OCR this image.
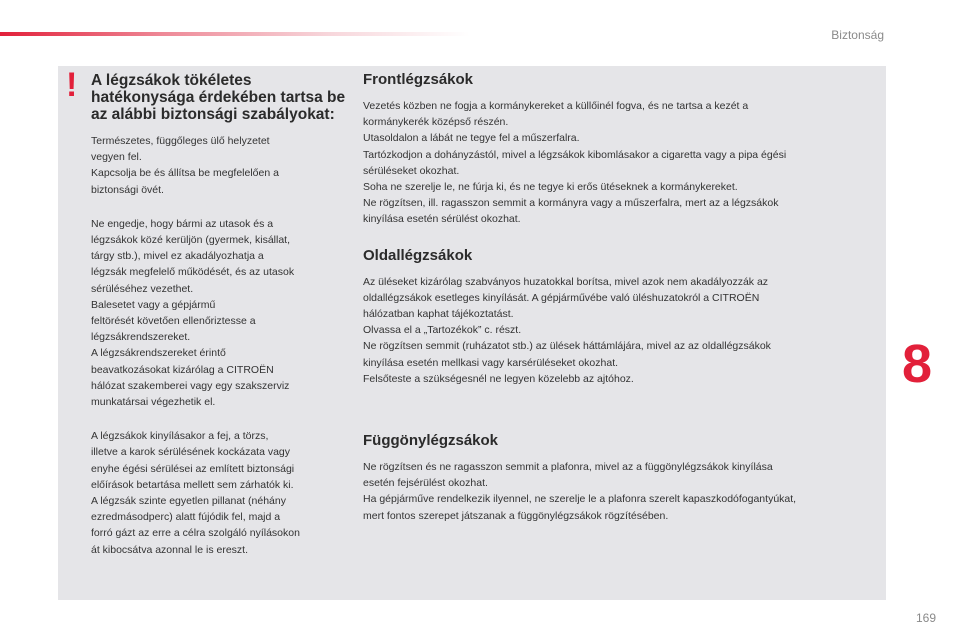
Biztonság
! A légzsákok tökéletes hatékonysága érdekében tartsa be az alábbi biztonsági szabályokat:
Természetes, függőleges ülő helyzetet
vegyen fel.
Kapcsolja be és állítsa be megfelelően a
biztonsági övét.
Ne engedje, hogy bármi az utasok és a
légzsákok közé kerüljön (gyermek, kisállat,
tárgy stb.), mivel ez akadályozhatja a
légzsák megfelelő működését, és az utasok
sérüléséhez vezethet.
Balesetet vagy a gépjármű
feltörését követően ellenőriztesse a
légzsákrendszereket.
A légzsákrendszereket érintő
beavatkozásokat kizárólag a CITROËN
hálózat szakemberei vagy egy szakszerviz
munkatársai végezhetik el.
A légzsákok kinyílásakor a fej, a törzs,
illetve a karok sérülésének kockázata vagy
enyhe égési sérülései az említett biztonsági
előírások betartása mellett sem zárhatók ki.
A légzsák szinte egyetlen pillanat (néhány
ezredmásodperc) alatt fújódik fel, majd a
forró gázt az erre a célra szolgáló nyílásokon
át kibocsátva azonnal le is ereszt.
Frontlégzsákok
Vezetés közben ne fogja a kormánykereket a küllőinél fogva, és ne tartsa a kezét a
kormánykerék középső részén.
Utasoldalon a lábát ne tegye fel a műszerfalra.
Tartózkodjon a dohányzástól, mivel a légzsákok kibomlásakor a cigaretta vagy a pipa égési
sérüléseket okozhat.
Soha ne szerelje le, ne fúrja ki, és ne tegye ki erős ütéseknek a kormánykereket.
Ne rögzítsen, ill. ragasszon semmit a kormányra vagy a műszerfalra, mert az a légzsákok
kinyílása esetén sérülést okozhat.
Oldallégzsákok
Az üléseket kizárólag szabványos huzatokkal borítsa, mivel azok nem akadályozzák az
oldallégzsákok esetleges kinyílását. A gépjárművébe való üléshuzatokról a CITROËN
hálózatban kaphat tájékoztatást.
Olvassa el a „Tartozékok” c. részt.
Ne rögzítsen semmit (ruházatot stb.) az ülések háttámlájára, mivel az az oldallégzsákok
kinyílása esetén mellkasi vagy karsérüléseket okozhat.
Felsőteste a szükségesnél ne legyen közelebb az ajtóhoz.
Függönylégzsákok
Ne rögzítsen és ne ragasszon semmit a plafonra, mivel az a függönylégzsákok kinyílása
esetén fejsérülést okozhat.
Ha gépjárműve rendelkezik ilyennel, ne szerelje le a plafonra szerelt kapaszkodófogantyúkat,
mert fontos szerepet játszanak a függönylégzsákok rögzítésében.
8
169
